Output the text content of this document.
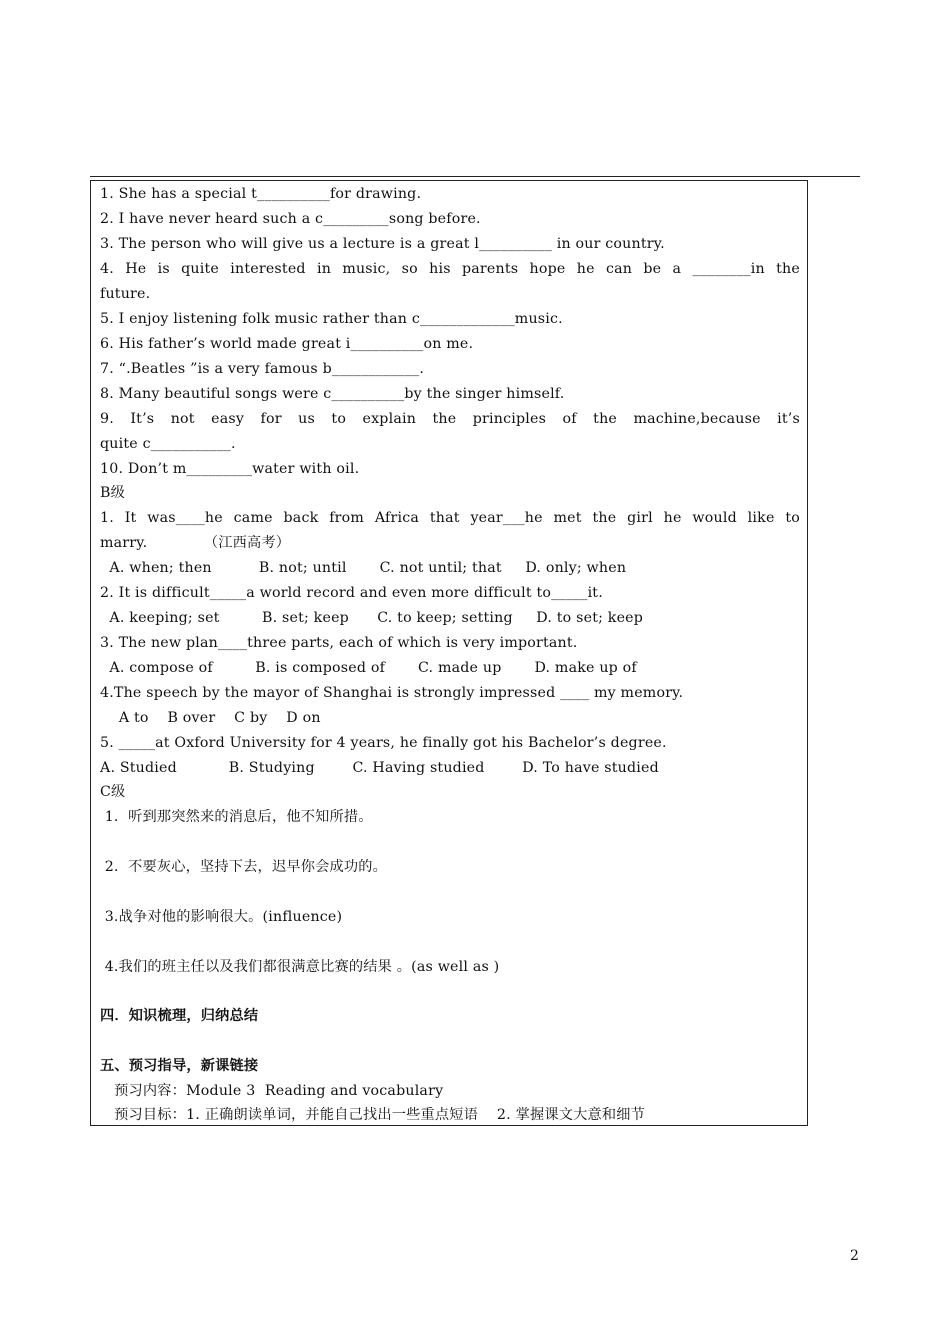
1. She has a special t__________for drawing.
2. I have never heard such a c_________song before.
3. The person who will give us a lecture is a great l__________ in our country.
4. He is quite interested in music, so his parents hope he can be a ________in the
future.
5. I enjoy listening folk music rather than c_____________music.
6. His father’s world made great i__________on me.
7. “.Beatles ”is a very famous b____________.
8. Many beautiful songs were c__________by the singer himself.
9. It’s not easy for us to explain the principles of the machine,because it’s
quite c___________.
10. Don’t m_________water with oil.
B级
1. It was____he came back from Africa that year___he met the girl he would like to
marry.            （江西高考）
A. when; then          B. not; until       C. not until; that     D. only; when
2. It is difficult_____a world record and even more difficult to_____it.
A. keeping; set         B. set; keep      C. to keep; setting     D. to set; keep
3. The new plan____three parts, each of which is very important.
A. compose of         B. is composed of       C. made up       D. make up of
4.The speech by the mayor of Shanghai is strongly impressed ____ my memory.
A to    B over    C by    D on
5. _____at Oxford University for 4 years, he finally got his Bachelor’s degree.
A. Studied           B. Studying        C. Having studied        D. To have studied
C级
1.  听到那突然来的消息后，他不知所措。
2.  不要灰心，坚持下去，迟早你会成功的。
3.战争对他的影响很大。(influence)
4.我们的班主任以及我们都很满意比赛的结果 。(as well as )
四．知识梳理，归纳总结
五、预习指导，新课链接
预习内容：Module 3  Reading and vocabulary
预习目标：1. 正确朗读单词，并能自己找出一些重点短语    2. 掌握课文大意和细节
2
